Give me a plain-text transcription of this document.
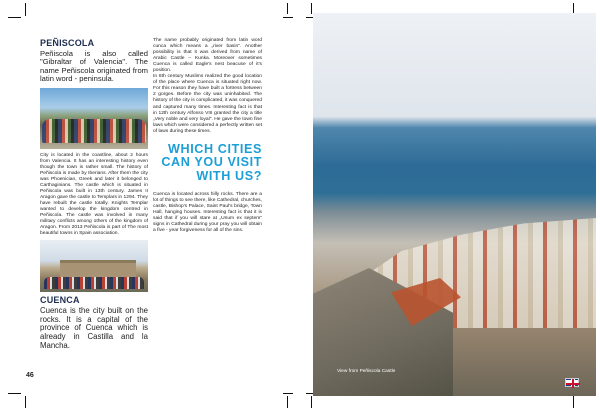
PEÑISCOLA

Peñiscola is also called "Gibraltar of Valencia". The name Peñiscola originated from latin word - peninsula.

City is located in the coastline, about 2 hours from Valencia. It has an interesting history even though the town is rather small. The history of Peñiscola is made by Iberians. After them the city was Phoenician, Greek and later it belonged to Carthaginians. The castle which is situated in Peñiscola was built in 13th century. James II Aragon gave the castle to Templars in 1294. They have rebuilt the castle totally. Knights Templar wanted to develop the kingdom centred in Peñiscola. The castle was involved in many military conflicts among others of the kingdom of Aragon. From 2013 Peñiscola is part of The most beautiful towns in Spain association.

CUENCA

Cuenca is the city built on the rocks. It is a capital of the province of Cuenca which is already in Castilla and la Mancha.

The name probably originated from latin word cunca which means a „river basin". Another possibility is that it was derived from name of Arabic Castle – Kunka. Moreover sometimes Cuenca is called Eagle's nest beacuse of it's position.

In 8th century Muslims realized the good location of the place where Cuenca is situated right now. For this reason they have built a fortress between 2 gorges. Before the city was uninhabited. The history of the city is complicated, it was conquered and captured many times. Interesting fact is that in 12th century Alfonso VIII granted the city a title „Very noble and very loyal". He gave the town fine laws which were considered a perfectly written set of laws during these times.

WHICH CITIES CAN YOU VISIT WITH US?

Cuenca is located across hilly rocks. There are a lot of things to see there, like Cathedral, churches, castle, Bishop's Palace, Saint Paul's bridge, Town Hall, hanging houses. Interesting fact is that it is said that if you will stare at „Unum ex septem" signs in Cathedral during your pray you will obtain a five - year forgiveness for all of the sins.

46
View from Peñiscola Castle
